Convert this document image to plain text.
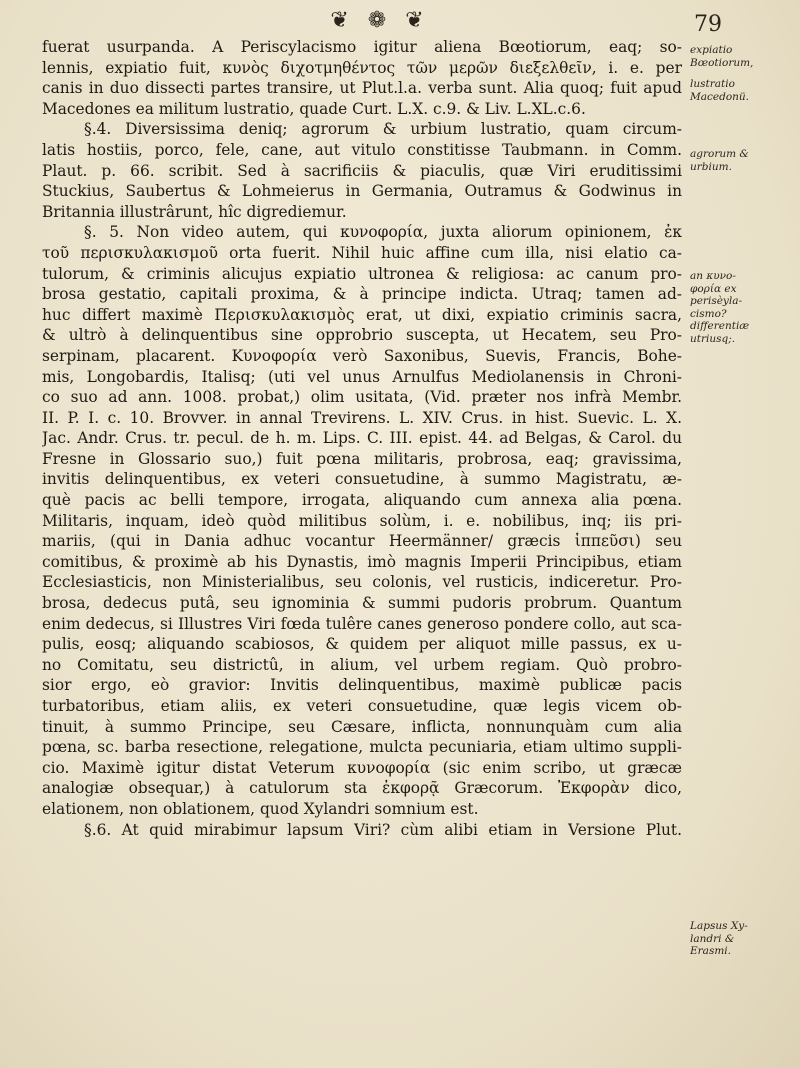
❦ ❁ ❦	79
fuerat usurpanda. A Periscylacismo igitur aliena Bœotiorum, eaq; so-
lennis, expiatio fuit, κυνὸς διχοτμηθέντος τῶν μερῶν διεξελθεῖν, i. e. per
canis in duo dissecti partes transire, ut Plut.l.a. verba sunt. Alia quoq; fuit apud
Macedones ea militum lustratio, quade Curt. L.X. c.9. & Liv. L.XL.c.6.
§.4. Diversissima deniq; agrorum & urbium lustratio, quam circum-
latis hostiis, porco, fele, cane, aut vitulo constitisse Taubmann. in Comm.
Plaut. p. 66. scribit. Sed à sacrificiis & piaculis, quæ Viri eruditissimi
Stuckius, Saubertus & Lohmeierus in Germania, Outramus & Godwinus in
Britannia illustrârunt, hîc digrediemur.
§. 5. Non video autem, qui κυνοφορία, juxta aliorum opinionem, ἐκ
τοῦ περισκυλακισμοῦ orta fuerit. Nihil huic affine cum illa, nisi elatio ca-
tulorum, & criminis alicujus expiatio ultronea & religiosa: ac canum pro-
brosa gestatio, capitali proxima, & à principe indicta. Utraq; tamen ad-
huc differt maximè Περισκυλακισμὸς erat, ut dixi, expiatio criminis sacra,
& ultrò à delinquentibus sine opprobrio suscepta, ut Hecatem, seu Pro-
serpinam, placarent. Κυνοφορία verò Saxonibus, Suevis, Francis, Bohe-
mis, Longobardis, Italisq; (uti vel unus Arnulfus Mediolanensis in Chroni-
co suo ad ann. 1008. probat,) olim usitata, (Vid. præter nos infrà Membr.
II. P. I. c. 10. Brovver. in annal Trevirens. L. XIV. Crus. in hist. Suevic. L. X.
Jac. Andr. Crus. tr. pecul. de h. m. Lips. C. III. epist. 44. ad Belgas, & Carol. du
Fresne in Glossario suo,) fuit pœna militaris, probrosa, eaq; gravissima,
invitis delinquentibus, ex veteri consuetudine, à summo Magistratu, æ-
què pacis ac belli tempore, irrogata, aliquando cum annexa alia pœna.
Militaris, inquam, ideò quòd militibus solùm, i. e. nobilibus, inq; iis pri-
mariis, (qui in Dania adhuc vocantur Heermänner/ græcis ἱππεῦσι) seu
comitibus, & proximè ab his Dynastis, imò magnis Imperii Principibus, etiam
Ecclesiasticis, non Ministerialibus, seu colonis, vel rusticis, indiceretur. Pro-
brosa, dedecus putâ, seu ignominia & summi pudoris probrum. Quantum
enim dedecus, si Illustres Viri fœda tulêre canes generoso pondere collo, aut sca-
pulis, eosq; aliquando scabiosos, & quidem per aliquot mille passus, ex u-
no Comitatu, seu districtû, in alium, vel urbem regiam. Quò probro-
sior ergo, eò gravior: Invitis delinquentibus, maximè publicæ pacis
turbatoribus, etiam aliis, ex veteri consuetudine, quæ legis vicem ob-
tinuit, à summo Principe, seu Cæsare, inflicta, nonnunquàm cum alia
pœna, sc. barba resectione, relegatione, mulcta pecuniaria, etiam ultimo suppli-
cio. Maximè igitur distat Veterum κυνοφορία (sic enim scribo, ut græcæ
analogiæ obsequar,) à catulorum sta ἐκφορᾷ Græcorum. Ἐκφορὰν dico,
elationem, non oblationem, quod Xylandri somnium est.
§.6. At quid mirabimur lapsum Viri? cùm alibi etiam in Versione Plut.
expiatio
Bœotiorum,
lustratio
Macedonü.
agrorum &
urbium.
an κυνο-
φορία ex
perisèyla-
cismo?
differentiæ
utriusq;.
Lapsus Xy-
landri &
Erasmi.
